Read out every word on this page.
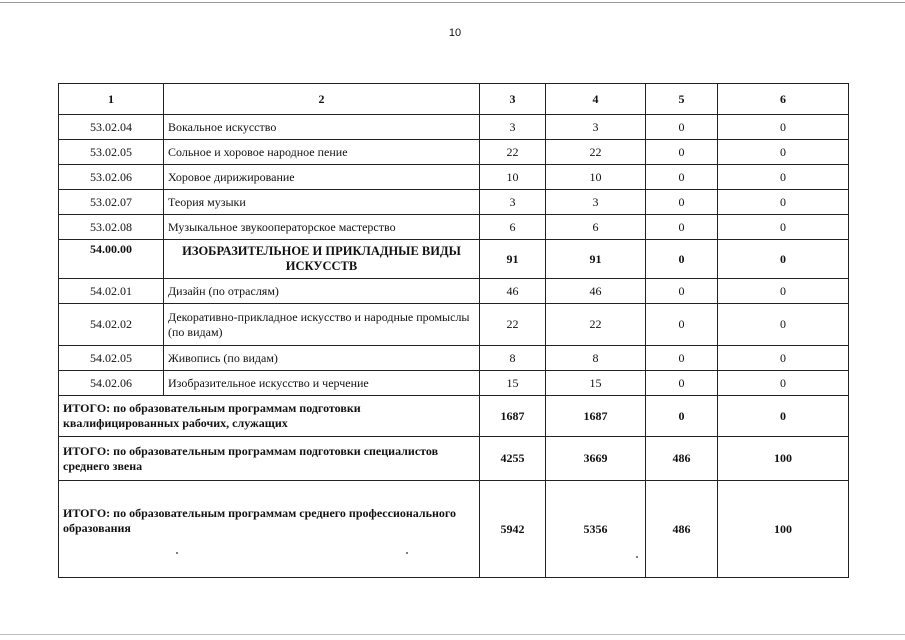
10
1	2	3	4	5	6
53.02.04	Вокальное искусство	3	3	0	0
53.02.05	Сольное и хоровое народное пение	22	22	0	0
53.02.06	Хоровое дирижирование	10	10	0	0
53.02.07	Теория музыки	3	3	0	0
53.02.08	Музыкальное звукооператорское мастерство	6	6	0	0
54.00.00	ИЗОБРАЗИТЕЛЬНОЕ И ПРИКЛАДНЫЕ ВИДЫ ИСКУССТВ	91	91	0	0
54.02.01	Дизайн (по отраслям)	46	46	0	0
54.02.02	Декоративно-прикладное искусство и народные промыслы (по видам)	22	22	0	0
54.02.05	Живопись (по видам)	8	8	0	0
54.02.06	Изобразительное искусство и черчение	15	15	0	0
ИТОГО: по образовательным программам подготовки квалифицированных рабочих, служащих		1687	1687	0	0
ИТОГО: по образовательным программам подготовки специалистов среднего звена		4255	3669	486	100
ИТОГО: по образовательным программам среднего профессионального образования		5942	5356	486	100
